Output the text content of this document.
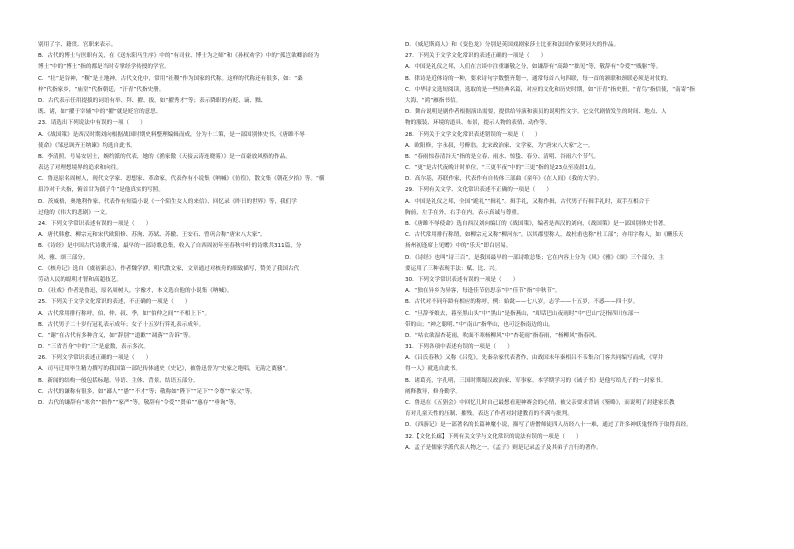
别用了字、籍贯、官职来表示。
B．古代的博士与医职有关，在《送东阳马生序》中的“有司业、博士为之师”和《孙权劝学》中的“孤岂欲卿治经为
博士”中的“博士”指的都是当时专掌经学传授的学官。
C．“壮”是谷神，“稷”是土地神，古代文化中，常用“社稷”作为国家的代称。这样的代称还有很多，如：“桑
梓”代指家乡，“庙堂”代指朝廷，“汗青”代指史册。
D．古代表示任用提拔的词语有举、拜、擢、拔，如“擢秀才”等；表示降职的有贬、谪、黜、
既、诸，如“擢于宰辅”中的“擢”就是贬官的意思。
23．请选出下列说法中有误的一项（　　）
A．《战国策》是西汉时期刘向根据战国时期史料整理编辑而成，分为十二策，是一部国别体史书，《唐雎不辱
使命》《邹忌讽齐王纳谏》均选自此书。
B．李清照，号易安居士，婉约派的代表，她的《渔家傲（天接云涛连晓雾）》是一首豪放风格的作品。
表达了对理想境界的追求和向往。
C．鲁迅原名周树人，现代文学家、思想家、革命家，代表作有小说集《呐喊》《彷徨》，散文集《朝花夕拾》等。“横
眉冷对千夫指，俯首甘为孺子牛”是他真实的写照。
D．茨威格，奥地利作家，代表作有短篇小说《一个陌生女人的来信》、回忆录《昨日的世界》等，我们学
过他的《伟大的悲剧》一文。
24．下列文学常识表述有误的一项是（　　）
A．唐代韩愈、柳宗元和宋代欧阳修、苏洵、苏轼、苏辙、王安石、曾巩合称“唐宋八大家”。
B．《诗经》是中国古代诗歌开端，最早的一部诗歌总集，收入了自西周初年至春秋中叶的诗歌共311篇，分
风、雅、颂三部分。
C．《核舟记》选自《虞初新志》，作者魏学洢，明代散文家，文章通过对核舟的细致描写，赞美了我国古代
劳动人民的聪明才智和高超技艺。
D．《社戏》作者是鲁迅，原名周树人，字豫才，本文选自他的小说集《呐喊》。
25．下列关于文学文化常识的表述，不正确的一项是（　　）
A．古代常用排行称呼，伯、仲、叔、季，如“伯仲之间”“不相上下”。
B．古代男子二十岁行冠礼表示成年；女子十五岁行笄礼表示成年。
C．“谢”在古代有多种含义，如“辞别”“道歉”“凋落”“告诉”等。
D．“三省吾身”中的“三”是虚数，表示多次。
26．下列文学常识表述正确的一项是（　　）
A．司马迁用毕生精力撰写的我国第一部纪传体通史《史记》，被鲁迅誉为“史家之绝唱，无韵之离骚”。
B．新闻的结构一般包括标题、导语、主体、背景、结语五部分。
C．古代的谦称有很多，如“鄙人”“愚”“不才”等；敬称如“陛下”“足下”“令尊”“家父”等。
D．古代的谦辞有“寒舍”“拙作”“家严”等，敬辞有“令爱”“贤弟”“惠存”“垂询”等。
D．《威尼斯商人》和《变色龙》分别是英国戏剧家莎士比亚和法国作家契诃夫的作品。
27．下列关于文学文化常识的表述正确的一项是（　　）
A．中国是礼仪之邦，人们在言谈中注重谦敬之分，如谦辞有“高龄”“拙见”等，敬辞有“令爱”“贱躯”等。
B．律诗是近体诗的一种，要求诗句字数整齐划一，通常每首八句四联，每一首的颔联和颈联必须是对仗的。
C．中华诗文选短阅读，选取的是一些经典名篇，对应的文化和历史时期，如“汗青”指史册，“青鸟”指信使，“南寄”指
大海，“鸿”雁指书信。
D．舞台说明是剧作者根据演出需要，提供给导演和演员的说明性文字。它交代剧情发生的时间、地点、人
物的服装、环境的道具、布景，提示人物的表情、动作等。
28．下列关于文学文化常识表述错误的一项是（　　）
A．欧阳修，字永叔，号醉翁，北宋政治家、文学家，为“唐宋八大家”之一。
B．“春雨惊春清谷天”指的是立春、雨水、惊蛰、春分、清明、谷雨六个节气。
C．“更”是古代夜晚计时单位，“三更半夜”中的“三更”指的是23点至凌晨1点。
D．高尔基，苏联作家，代表作有自传体三部曲《童年》《在人间》《我的大学》。
29．下列有关文学、文化常识表述不正确的一项是（　　）
A．中国是礼仪之邦，全国“跪礼”“揖礼”。揖手礼，又称作揖，古代男子行揖手礼时，双手互相合于
胸前，左手在外，右手在内，表示真诚与尊重。
B．《唐雎不辱使命》选自西汉刘向编订的《战国策》，编者是西汉的刘向，《战国策》是一部国别体史书著。
C．古代常用排行称谓，如柳宗元又称“柳河东”，以其郡望称人，故杜甫也称“杜工部”；亦用字称人，如《酬乐天
扬州初逢席上见赠》中的“乐天”即白居易。
D．《诗经》也叫“诗三百”，是我国最早的一部诗歌总集；它在内容上分为《风》《雅》《颂》三个部分，主
要运用了三种表现手法：赋、比、兴。
30．下列文学常识表述有误的一项是（　　）
A．“独在异乡为异客，每逢佳节倍思亲”中“佳节”指“中秋节”。
B．古代对不同年龄有相应的称呼，例：始龀——七八岁，志学——十五岁，不惑——四十岁。
C．“旦辞爷娘去，暮至黑山头”中“黑山”是指燕山，“却话巴山夜雨时”中“巴山”泛指四川东部一
带的山；“神之聪明、”中“南山”指华山，也可泛指南边的山。
D．“咕衣欲湿杏花雨，吹面不寒杨柳风”中“杏花雨”指春雨，“杨柳风”指春风。
31．下列各项中表述有误的一项是（　　）
A．《吕氏春秋》又称《吕览》，先秦杂家代表著作，由战国末年秦相吕不韦集合门客共同编写而成，《穿井
得一人》就选自此书。
B．诸葛亮，字孔明，三国时期蜀汉政治家、军事家。本学期学习的《诫子书》是他写给儿子的一封家书。
阐释教导，修身勤学。
C．鲁迅在《五猖会》中回忆儿时自己最想看迎神赛会的心情，被父亲要求背诵《鉴略》，而说明了封建家长教
育对儿童天性的压制、摧残，表达了作者对封建教育的不满与批判。
D．《西游记》是一部著名的长篇神魔小说，描写了唐僧师徒四人历经八十一难，通过了许多神妖鬼怪终于取得真经。
32.【文化长廊】下列有关文学与文化常识的说法有误的一项是（　　）
A．孟子是儒家学派代表人物之一，《孟子》则是记录孟子及其弟子言行的著作。
